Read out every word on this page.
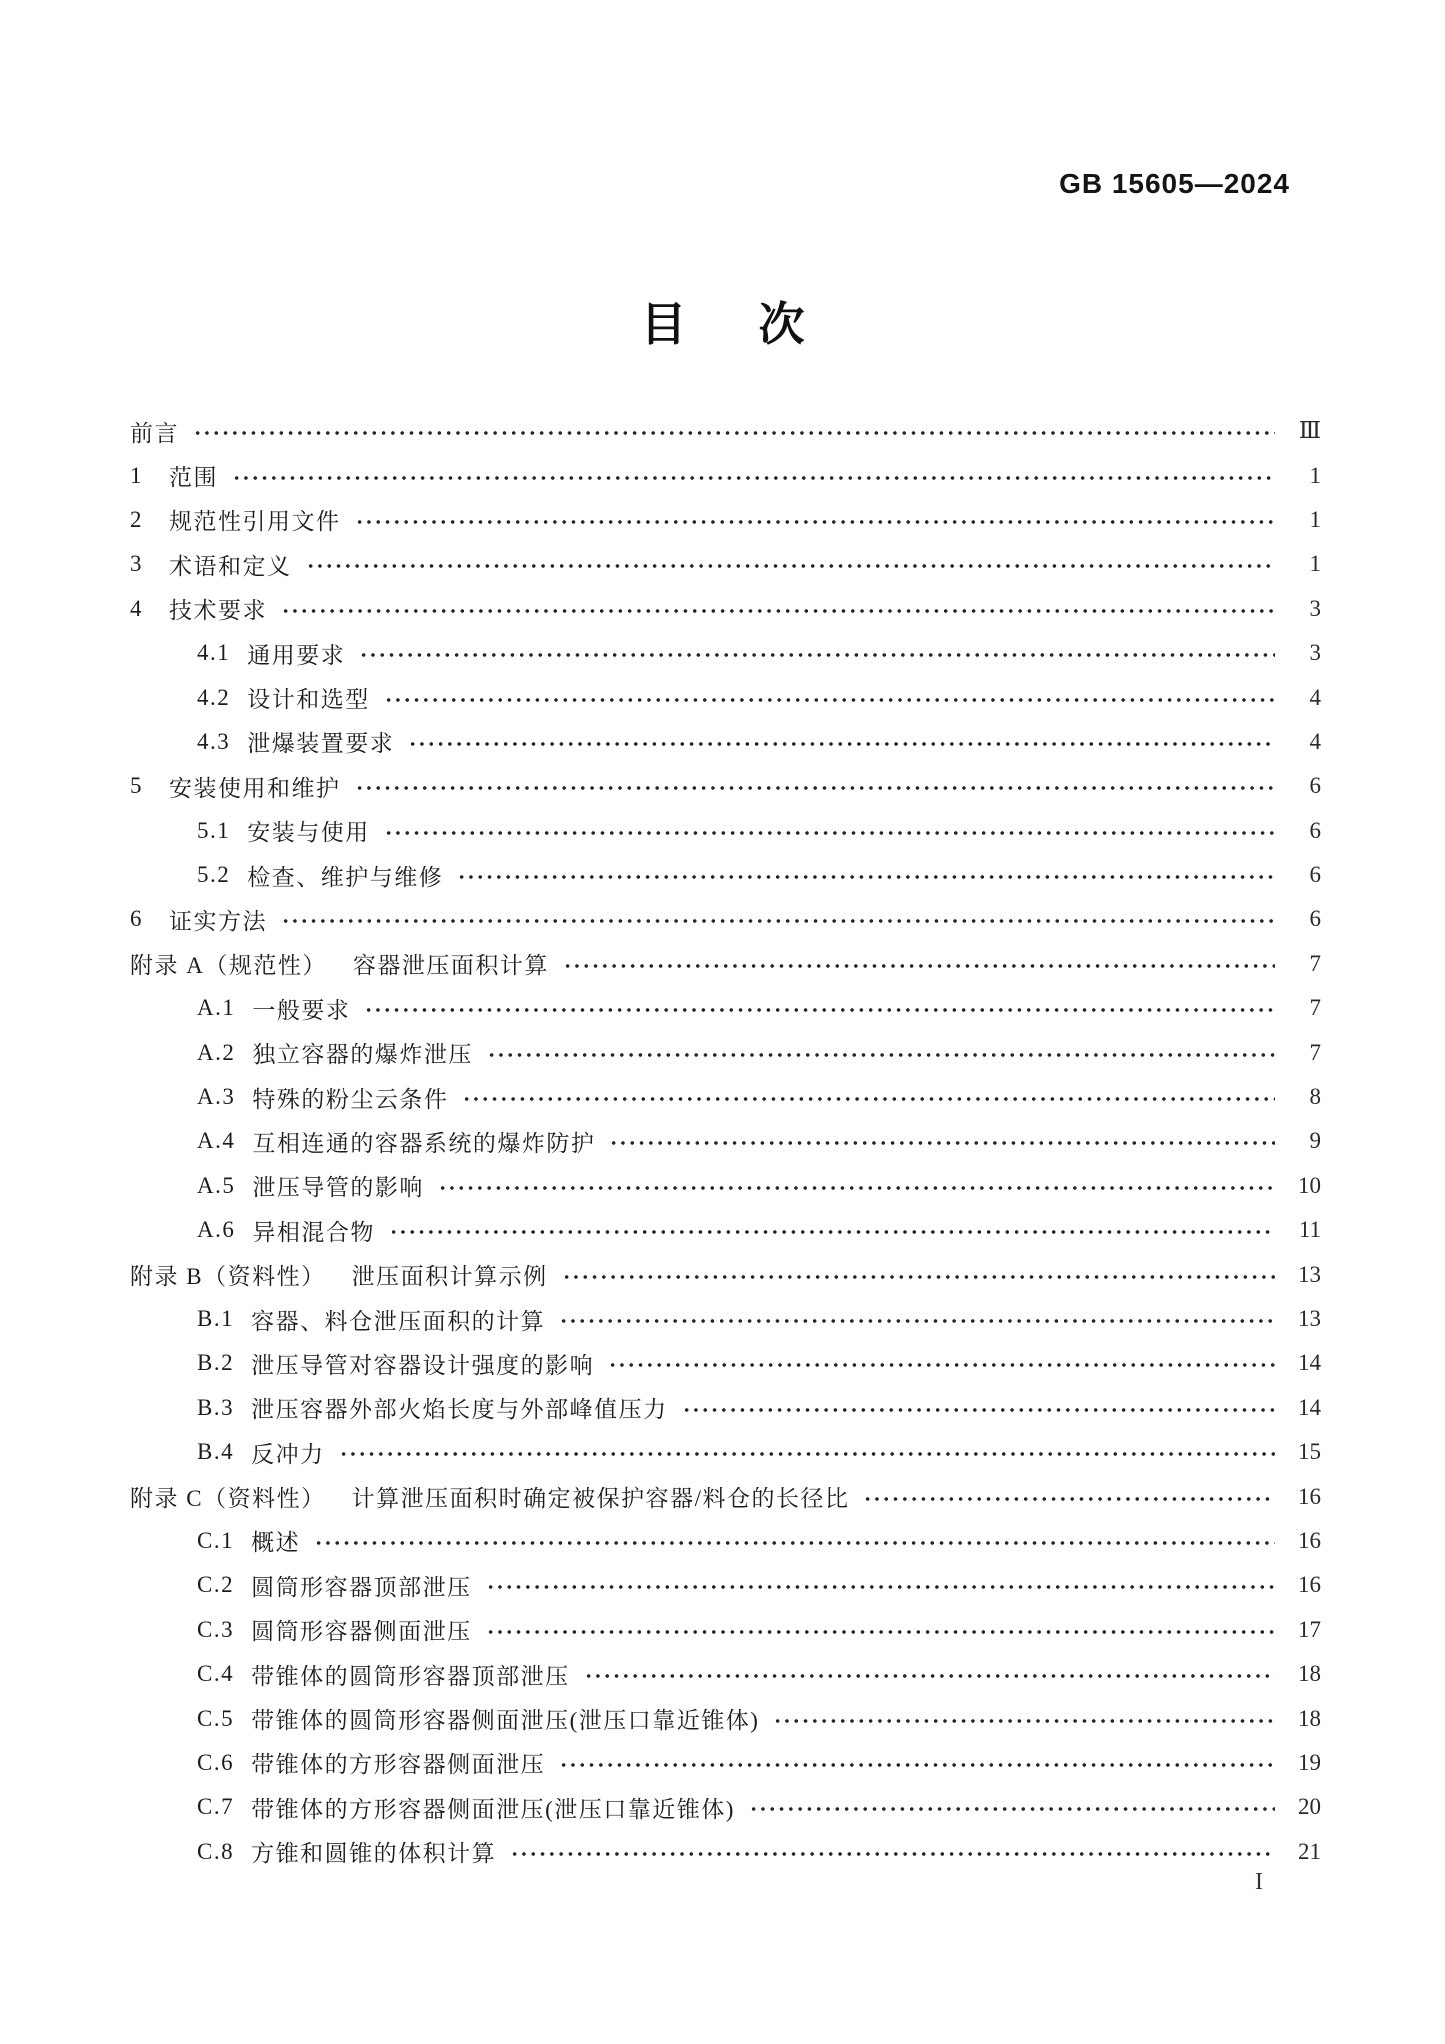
GB 15605—2024
目 次
前言	Ⅲ
1 范围	1
2 规范性引用文件	1
3 术语和定义	1
4 技术要求	3
4.1 通用要求	3
4.2 设计和选型	4
4.3 泄爆装置要求	4
5 安装使用和维护	6
5.1 安装与使用	6
5.2 检查、维护与维修	6
6 证实方法	6
附录 A（规范性） 容器泄压面积计算	7
A.1 一般要求	7
A.2 独立容器的爆炸泄压	7
A.3 特殊的粉尘云条件	8
A.4 互相连通的容器系统的爆炸防护	9
A.5 泄压导管的影响	10
A.6 异相混合物	11
附录 B（资料性） 泄压面积计算示例	13
B.1 容器、料仓泄压面积的计算	13
B.2 泄压导管对容器设计强度的影响	14
B.3 泄压容器外部火焰长度与外部峰值压力	14
B.4 反冲力	15
附录 C（资料性） 计算泄压面积时确定被保护容器/料仓的长径比	16
C.1 概述	16
C.2 圆筒形容器顶部泄压	16
C.3 圆筒形容器侧面泄压	17
C.4 带锥体的圆筒形容器顶部泄压	18
C.5 带锥体的圆筒形容器侧面泄压(泄压口靠近锥体)	18
C.6 带锥体的方形容器侧面泄压	19
C.7 带锥体的方形容器侧面泄压(泄压口靠近锥体)	20
C.8 方锥和圆锥的体积计算	21
I
